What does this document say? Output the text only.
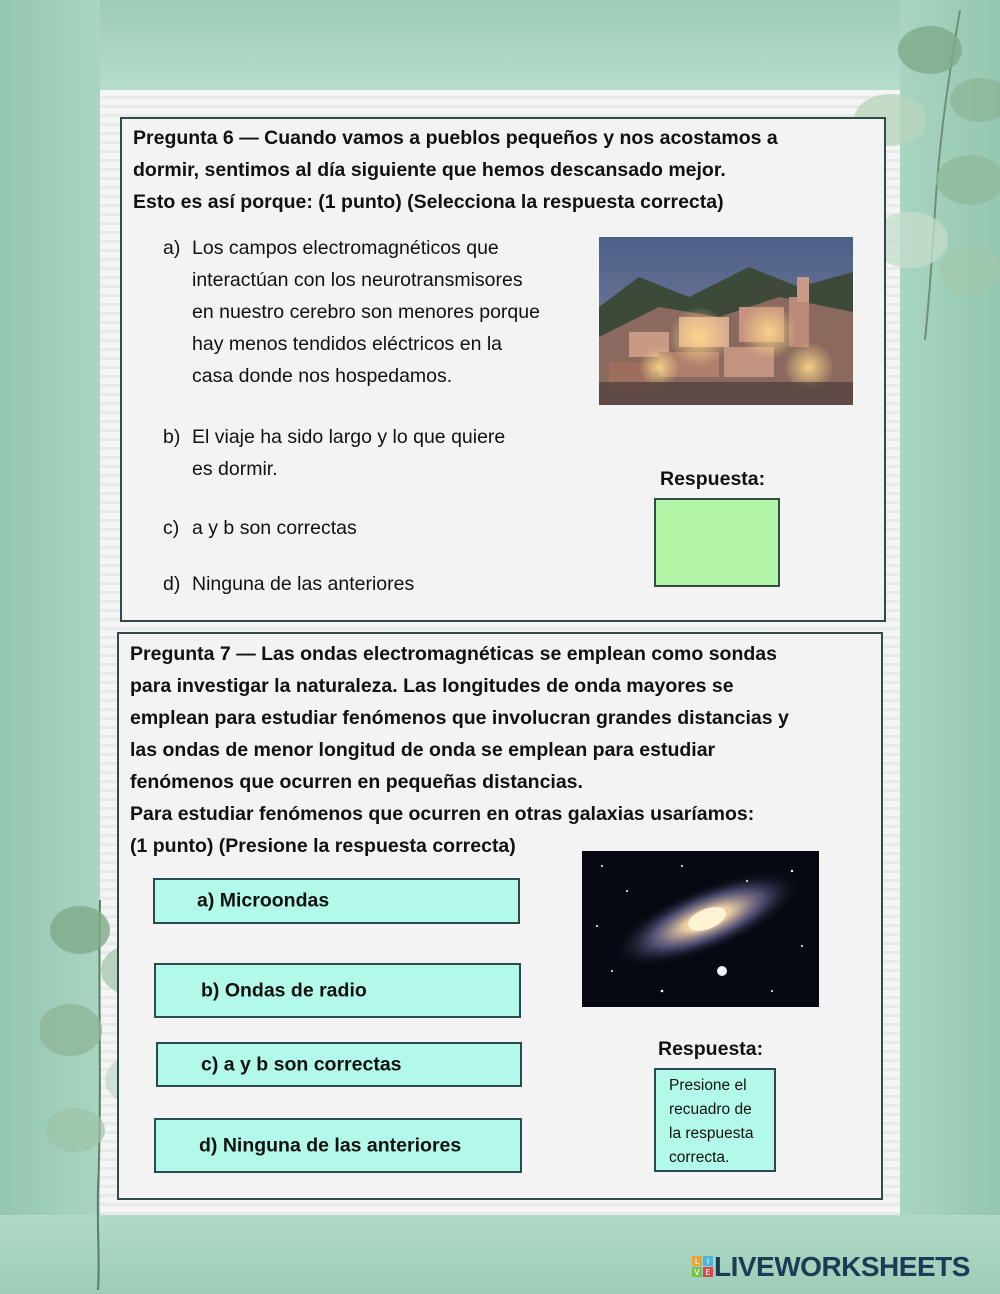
Pregunta 6 — Cuando vamos a pueblos pequeños y nos acostamos a
dormir, sentimos al día siguiente que hemos descansado mejor.
Esto es así porque: (1 punto) (Selecciona la respuesta correcta)
a) Los campos electromagnéticos que
interactúan con los neurotransmisores
en nuestro cerebro son menores porque
hay menos tendidos eléctricos en la
casa donde nos hospedamos.
b) El viaje ha sido largo y lo que quiere
es dormir.
c) a y b son correctas
d) Ninguna de las anteriores
Respuesta:
Pregunta 7 — Las ondas electromagnéticas se emplean como sondas
para investigar la naturaleza. Las longitudes de onda mayores se
emplean para estudiar fenómenos que involucran grandes distancias y
las ondas de menor longitud de onda se emplean para estudiar
fenómenos que ocurren en pequeñas distancias.
Para estudiar fenómenos que ocurren en otras galaxias usaríamos:
(1 punto) (Presione la respuesta correcta)
a) Microondas
b) Ondas de radio
c) a y b son correctas
d) Ninguna de las anteriores
Respuesta:
Presione el
recuadro de
la respuesta
correcta.
L I
V E LIVEWORKSHEETS
